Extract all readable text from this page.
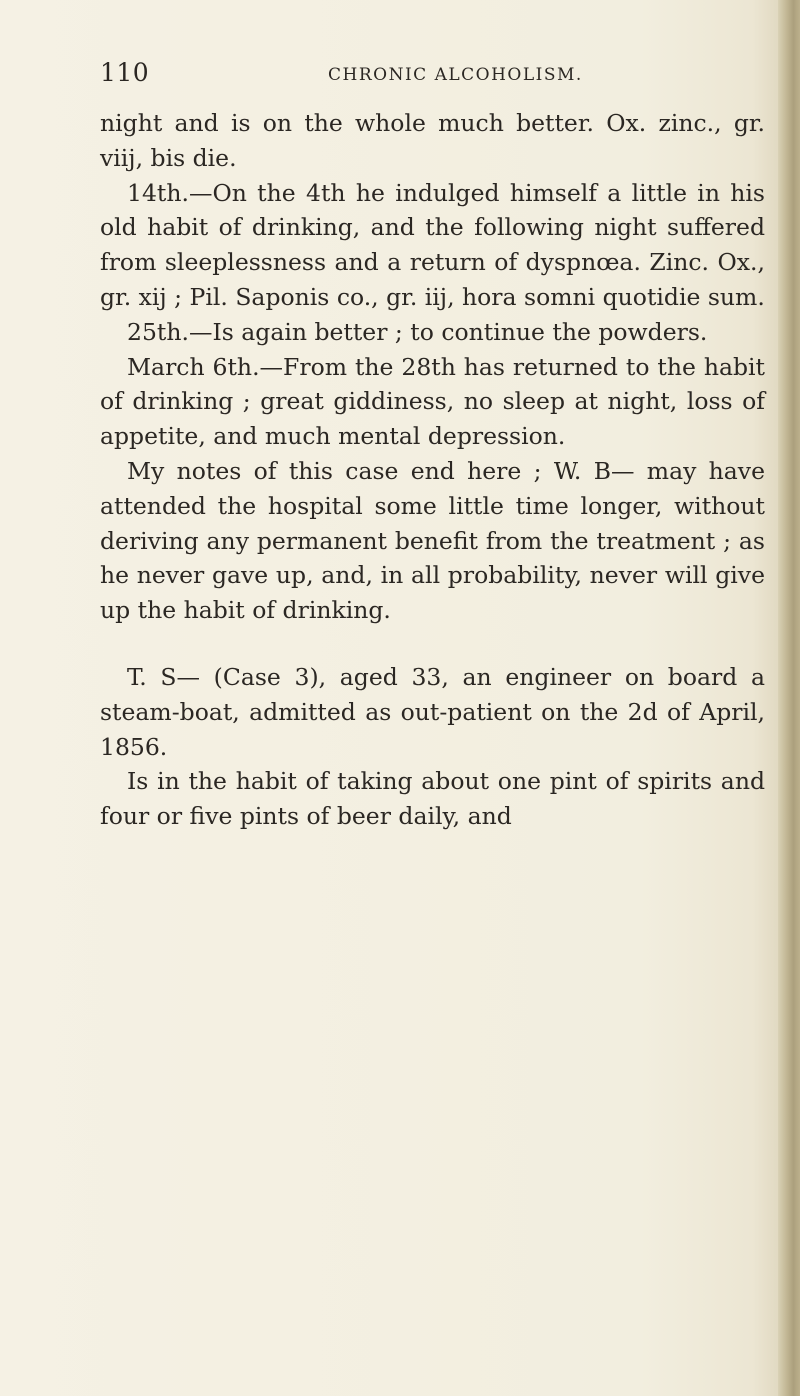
110	CHRONIC ALCOHOLISM.

night and is on the whole much better. Ox. zinc., gr. viij, bis die.

14th.—On the 4th he indulged himself a little in his old habit of drinking, and the following night suffered from sleeplessness and a return of dyspnœa. Zinc. Ox., gr. xij ; Pil. Saponis co., gr. iij, hora somni quotidie sum.

25th.—Is again better ; to continue the powders.

March 6th.—From the 28th has returned to the habit of drinking ; great giddiness, no sleep at night, loss of appetite, and much mental depression.

My notes of this case end here ; W. B— may have attended the hospital some little time longer, without deriving any permanent benefit from the treatment ; as he never gave up, and, in all probability, never will give up the habit of drinking.

T. S— (Case 3), aged 33, an engineer on board a steam-boat, admitted as out-patient on the 2d of April, 1856.

Is in the habit of taking about one pint of spirits and four or five pints of beer daily, and
